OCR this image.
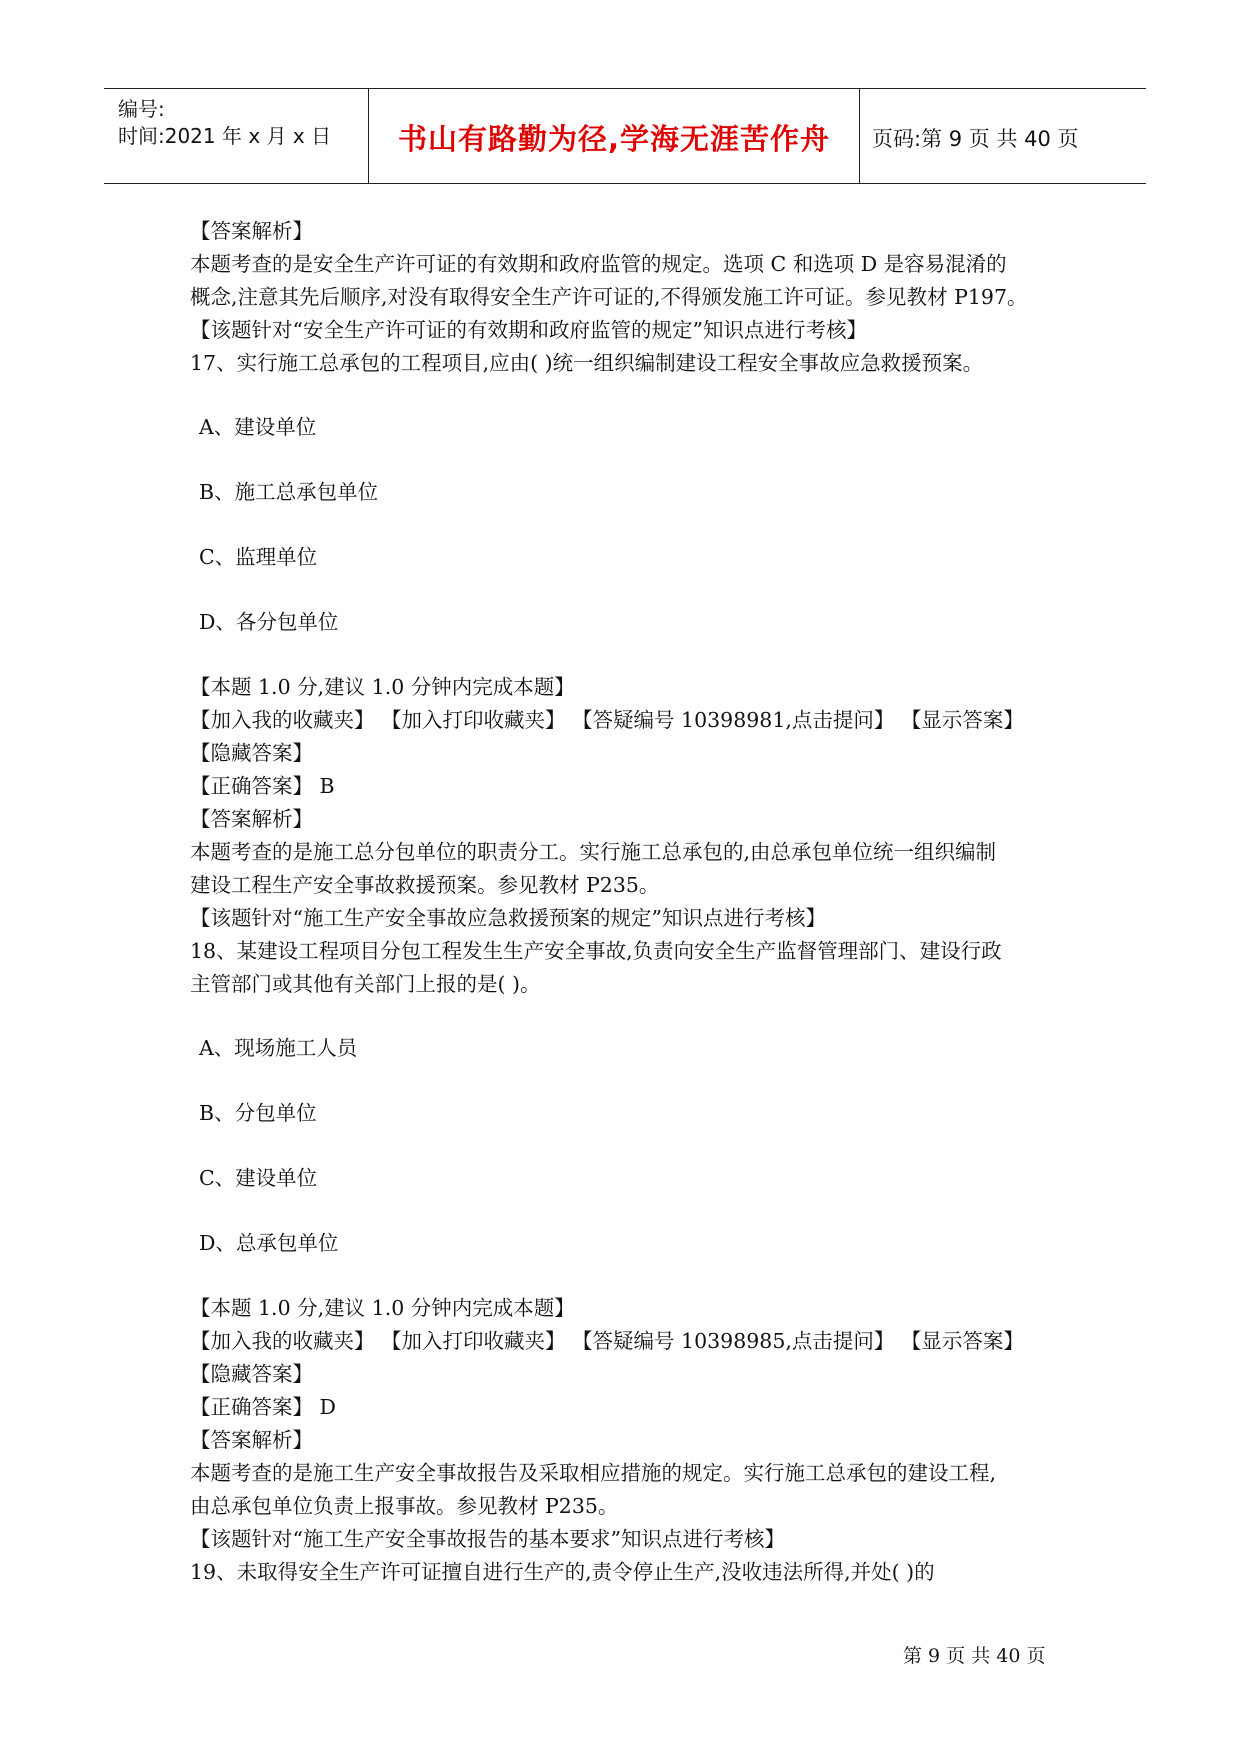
编号:
时间:2021 年 x 月 x 日	书山有路勤为径,学海无涯苦作舟	页码:第 9 页 共 40 页
【答案解析】
本题考查的是安全生产许可证的有效期和政府监管的规定。选项 C 和选项 D 是容易混淆的
概念,注意其先后顺序,对没有取得安全生产许可证的,不得颁发施工许可证。参见教材 P197。
【该题针对“安全生产许可证的有效期和政府监管的规定”知识点进行考核】
17、实行施工总承包的工程项目,应由( )统一组织编制建设工程安全事故应急救援预案。
A、建设单位
B、施工总承包单位
C、监理单位
D、各分包单位
【本题 1.0 分,建议 1.0 分钟内完成本题】
【加入我的收藏夹】 【加入打印收藏夹】 【答疑编号 10398981,点击提问】 【显示答案】
【隐藏答案】
【正确答案】 B
【答案解析】
本题考查的是施工总分包单位的职责分工。实行施工总承包的,由总承包单位统一组织编制
建设工程生产安全事故救援预案。参见教材 P235。
【该题针对“施工生产安全事故应急救援预案的规定”知识点进行考核】
18、某建设工程项目分包工程发生生产安全事故,负责向安全生产监督管理部门、建设行政
主管部门或其他有关部门上报的是( )。
A、现场施工人员
B、分包单位
C、建设单位
D、总承包单位
【本题 1.0 分,建议 1.0 分钟内完成本题】
【加入我的收藏夹】 【加入打印收藏夹】 【答疑编号 10398985,点击提问】 【显示答案】
【隐藏答案】
【正确答案】 D
【答案解析】
本题考查的是施工生产安全事故报告及采取相应措施的规定。实行施工总承包的建设工程,
由总承包单位负责上报事故。参见教材 P235。
【该题针对“施工生产安全事故报告的基本要求”知识点进行考核】
19、未取得安全生产许可证擅自进行生产的,责令停止生产,没收违法所得,并处( )的
第 9 页 共 40 页
